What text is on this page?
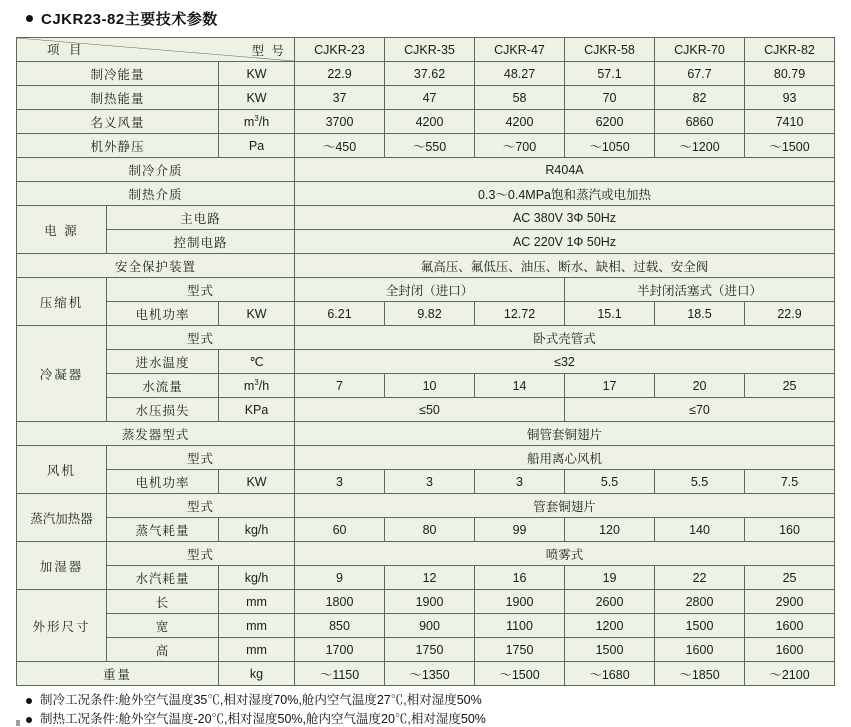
CJKR23-82主要技术参数
型 号
项 目			CJKR-23	CJKR-35	CJKR-47	CJKR-58	CJKR-70	CJKR-82
制冷能量		KW	22.9	37.62	48.27	57.1	67.7	80.79
制热能量		KW	37	47	58	70	82	93
名义风量		$m^3/h$	3700	4200	4200	6200	6860	7410
机外静压		Pa	～450	～550	～700	～1050	～1200	～1500
制冷介质			R404A					
制热介质			0.3～0.4MPa饱和蒸汽或电加热					
电 源	主电路		AC 380V 3Φ 50Hz					
	控制电路		AC 220V 1Φ 50Hz					
安全保护装置			氟高压、氟低压、油压、断水、缺相、过载、安全阀					
压缩机	型式		全封闭（进口）			半封闭活塞式（进口）		
	电机功率	KW	6.21	9.82	12.72	15.1	18.5	22.9
冷凝器	型式		卧式壳管式					
	进水温度	℃	≤32					
	水流量	$m^3/h$	7	10	14	17	20	25
	水压损失	KPa	≤50			≤70		
蒸发器型式			铜管套铜翅片					
风机	型式		船用离心风机					
	电机功率	KW	3	3	3	5.5	5.5	7.5
蒸汽加热器	型式		管套铜翅片					
	蒸气耗量	kg/h	60	80	99	120	140	160
加湿器	型式		喷雾式					
	水汽耗量	kg/h	9	12	16	19	22	25
外形尺寸	长	mm	1800	1900	1900	2600	2800	2900
	宽	mm	850	900	1100	1200	1500	1600
	高	mm	1700	1750	1750	1500	1600	1600
重量		kg	～1150	～1350	～1500	～1680	～1850	～2100
制冷工况条件:舱外空气温度35℃,相对湿度70%,舱内空气温度27℃,相对湿度50%
制热工况条件:舱外空气温度-20℃,相对湿度50%,舱内空气温度20℃,相对湿度50%
